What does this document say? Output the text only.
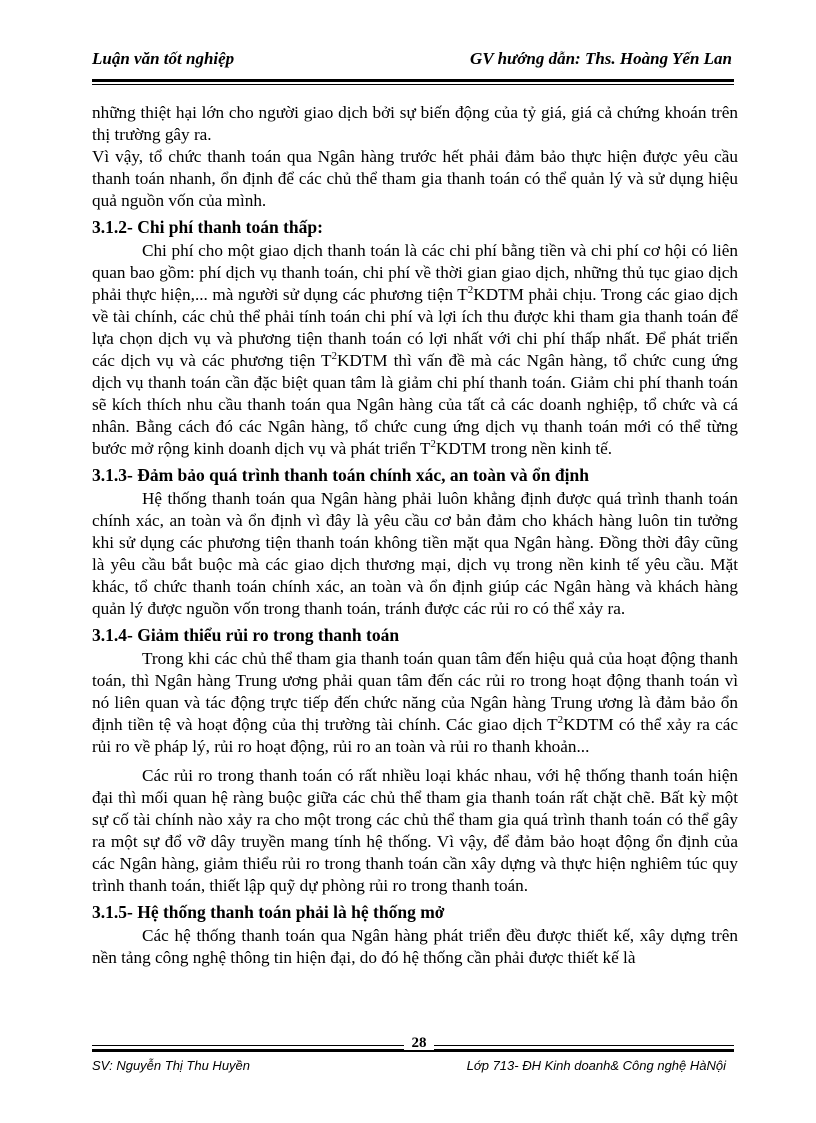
Luận văn tốt nghiệp	GV hướng dẫn: Ths. Hoàng Yến Lan

những thiệt hại lớn cho người giao dịch bởi sự biến động của tỷ giá, giá cả chứng khoán trên thị trường gây ra.

Vì vậy, tổ chức thanh toán qua Ngân hàng trước hết phải đảm bảo thực hiện được yêu cầu thanh toán nhanh, ổn định để các chủ thể tham gia thanh toán có thể quản lý và sử dụng hiệu quả nguồn vốn của mình.

3.1.2- Chi phí thanh toán thấp:

Chi phí cho một giao dịch thanh toán là các chi phí bằng tiền và chi phí cơ hội có liên quan bao gồm: phí dịch vụ thanh toán, chi phí về thời gian giao dịch, những thủ tục giao dịch phải thực hiện,... mà người sử dụng các phương tiện $T^2KDTM$ phải chịu. Trong các giao dịch về tài chính, các chủ thể phải tính toán chi phí và lợi ích thu được khi tham gia thanh toán để lựa chọn dịch vụ và phương tiện thanh toán có lợi nhất với chi phí thấp nhất. Để phát triển các dịch vụ và các phương tiện $T^2KDTM$ thì vấn đề mà các Ngân hàng, tổ chức cung ứng dịch vụ thanh toán cần đặc biệt quan tâm là giảm chi phí thanh toán. Giảm chi phí thanh toán sẽ kích thích nhu cầu thanh toán qua Ngân hàng của tất cả các doanh nghiệp, tổ chức và cá nhân. Bằng cách đó các Ngân hàng, tổ chức cung ứng dịch vụ thanh toán mới có thể từng bước mở rộng kinh doanh dịch vụ và phát triển $T^2KDTM$ trong nền kinh tế.

3.1.3- Đảm bảo quá trình thanh toán chính xác, an toàn và ổn định

Hệ thống thanh toán qua Ngân hàng phải luôn khẳng định được quá trình thanh toán chính xác, an toàn và ổn định vì đây là yêu cầu cơ bản đảm cho khách hàng luôn tin tưởng khi sử dụng các phương tiện thanh toán không tiền mặt qua Ngân hàng. Đồng thời đây cũng là yêu cầu bắt buộc mà các giao dịch thương mại, dịch vụ trong nền kinh tế yêu cầu. Mặt khác, tổ chức thanh toán chính xác, an toàn và ổn định giúp các Ngân hàng và khách hàng quản lý được nguồn vốn trong thanh toán, tránh được các rủi ro có thể xảy ra.

3.1.4- Giảm thiểu rủi ro trong thanh toán

Trong khi các chủ thể tham gia thanh toán quan tâm đến hiệu quả của hoạt động thanh toán, thì Ngân hàng Trung ương phải quan tâm đến các rủi ro trong hoạt động thanh toán vì nó liên quan và tác động trực tiếp đến chức năng của Ngân hàng Trung ương là đảm bảo ổn định tiền tệ và hoạt động của thị trường tài chính. Các giao dịch $T^2KDTM$ có thể xảy ra các rủi ro về pháp lý, rủi ro hoạt động, rủi ro an toàn và rủi ro thanh khoản...

Các rủi ro trong thanh toán có rất nhiều loại khác nhau, với hệ thống thanh toán hiện đại thì mối quan hệ ràng buộc giữa các chủ thể tham gia thanh toán rất chặt chẽ. Bất kỳ một sự cố tài chính nào xảy ra cho một trong các chủ thể tham gia quá trình thanh toán có thể gây ra một sự đổ vỡ dây truyền mang tính hệ thống. Vì vậy, để đảm bảo hoạt động ổn định của các Ngân hàng, giảm thiểu rủi ro trong thanh toán cần xây dựng và thực hiện nghiêm túc quy trình thanh toán, thiết lập quỹ dự phòng rủi ro trong thanh toán.

3.1.5- Hệ thống thanh toán phải là hệ thống mở

Các hệ thống thanh toán qua Ngân hàng phát triển đều được thiết kế, xây dựng trên nền tảng công nghệ thông tin hiện đại, do đó hệ thống cần phải được thiết kế là

28
SV: Nguyễn Thị Thu Huyền	Lớp 713- ĐH Kinh doanh& Công nghệ HàNội
